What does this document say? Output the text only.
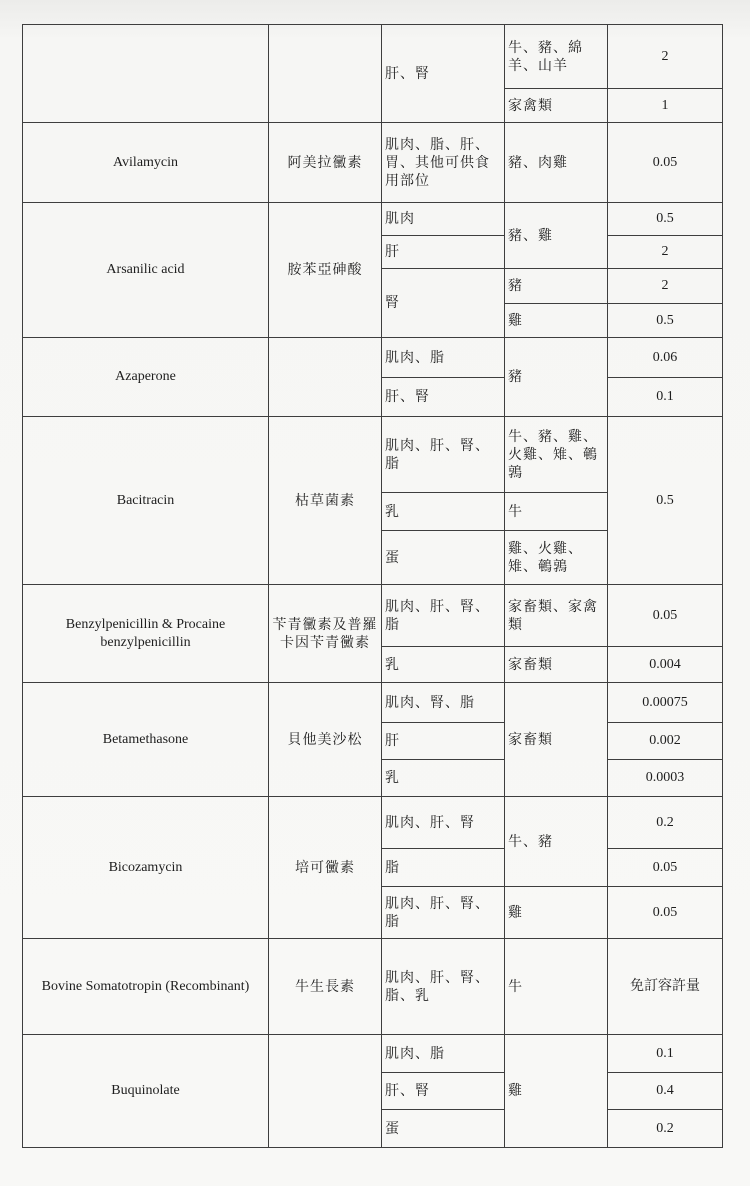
		肝、腎	牛、豬、綿羊、山羊	2
			家禽類	1
Avilamycin	阿美拉黴素	肌肉、脂、肝、胃、其他可供食用部位	豬、肉雞	0.05
Arsanilic acid	胺苯亞砷酸	肌肉	豬、雞	0.5
		肝		2
		腎	豬	2
			雞	0.5
Azaperone		肌肉、脂	豬	0.06
		肝、腎		0.1
Bacitracin	枯草菌素	肌肉、肝、腎、脂	牛、豬、雞、火雞、雉、鵪鶉	0.5
		乳	牛	
		蛋	雞、火雞、雉、鵪鶉	
Benzylpenicillin & Procaine benzylpenicillin	苄青黴素及普羅卡因苄青黴素	肌肉、肝、腎、脂	家畜類、家禽類	0.05
		乳	家畜類	0.004
Betamethasone	貝他美沙松	肌肉、腎、脂	家畜類	0.00075
		肝		0.002
		乳		0.0003
Bicozamycin	培可黴素	肌肉、肝、腎	牛、豬	0.2
		脂		0.05
		肌肉、肝、腎、脂	雞	0.05
Bovine Somatotropin (Recombinant)	牛生長素	肌肉、肝、腎、脂、乳	牛	免訂容許量
Buquinolate		肌肉、脂	雞	0.1
		肝、腎		0.4
		蛋		0.2
